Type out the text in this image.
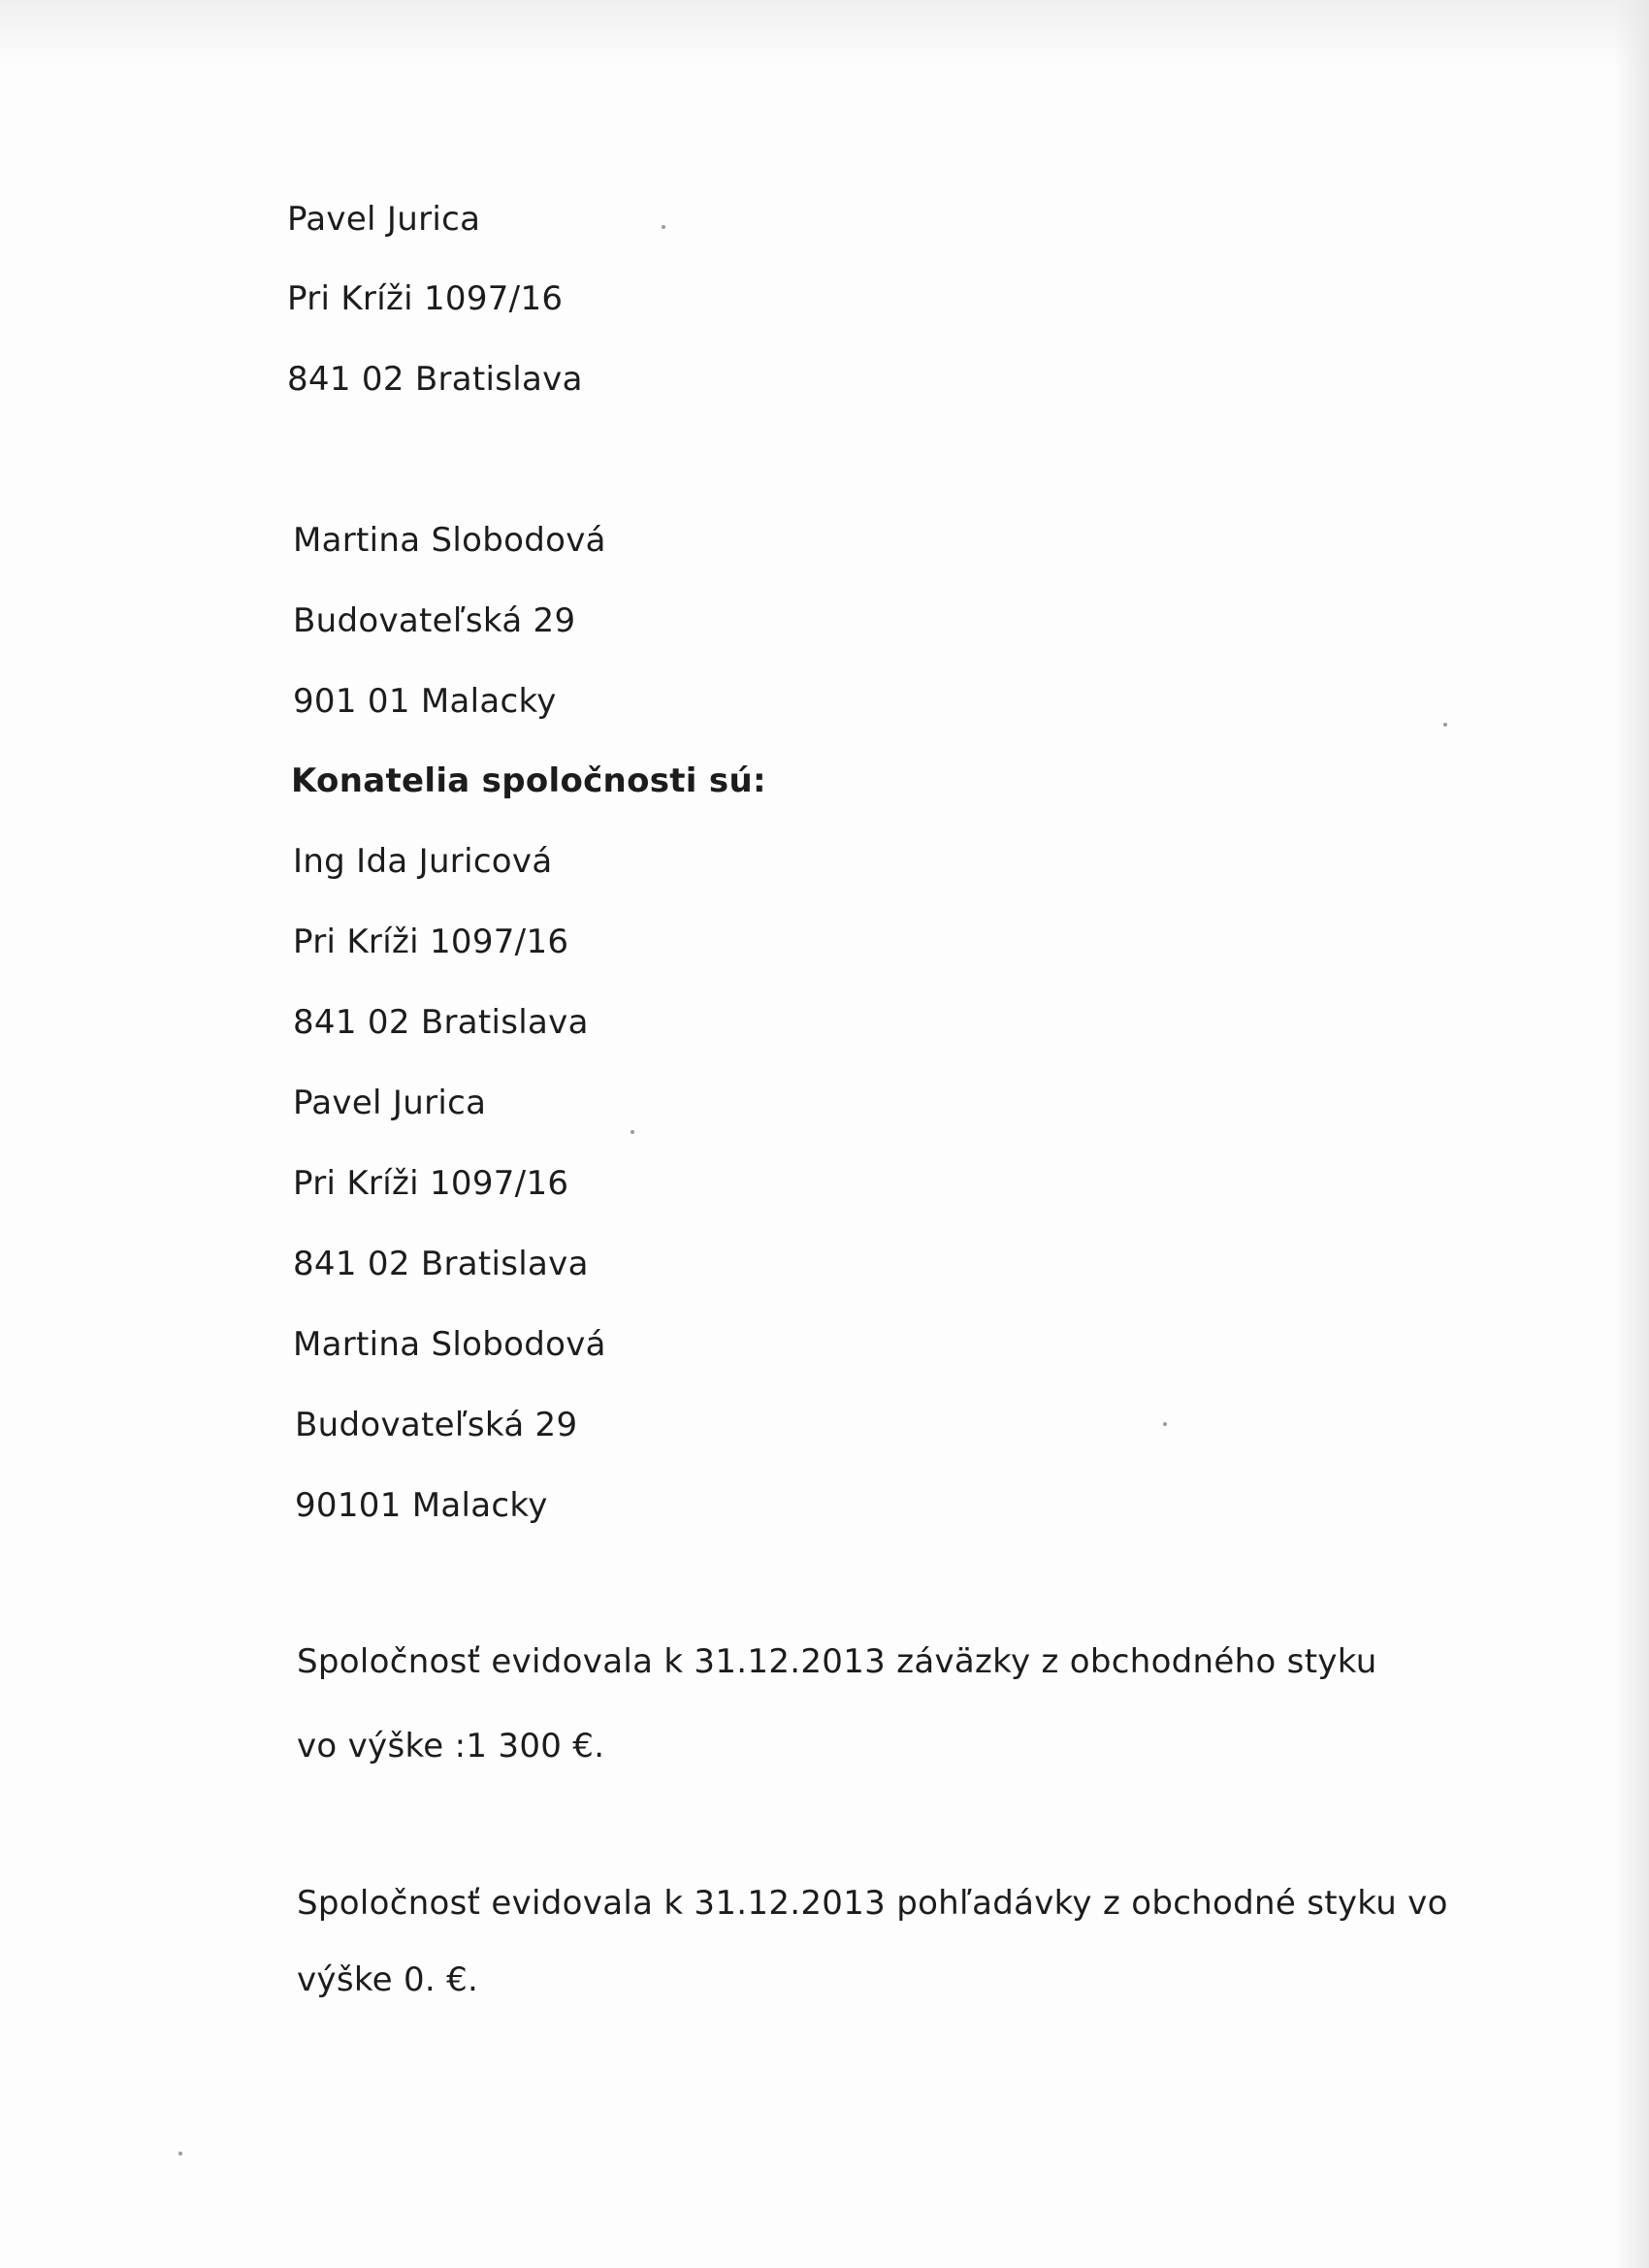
Pavel Jurica
Pri Kríži 1097/16
841 02 Bratislava
Martina Slobodová
Budovateľská 29
901 01 Malacky
Konatelia spoločnosti sú:
Ing Ida Juricová
Pri Kríži 1097/16
841 02 Bratislava
Pavel Jurica
Pri Kríži 1097/16
841 02 Bratislava
Martina Slobodová
Budovateľská 29
90101 Malacky
Spoločnosť evidovala k 31.12.2013 záväzky z obchodného styku
vo výške :1 300 €.
Spoločnosť evidovala k 31.12.2013 pohľadávky z obchodné styku vo
výške 0. €.
